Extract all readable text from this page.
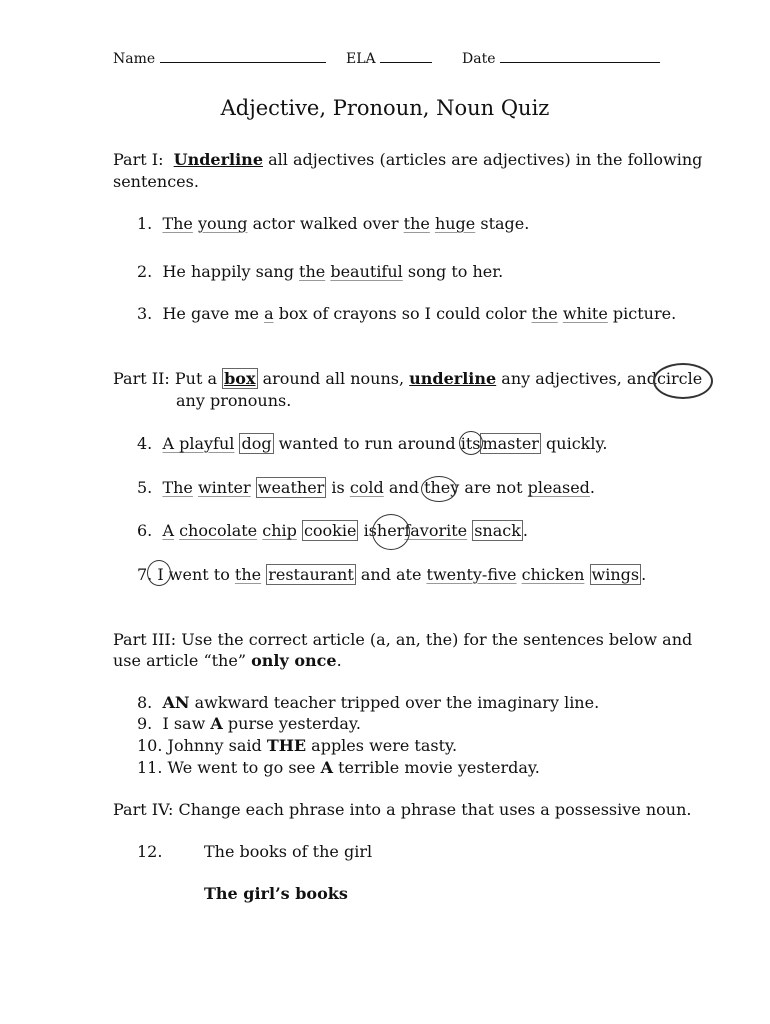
Name	ELA	Date
Adjective, Pronoun, Noun Quiz
Part I: Underline all adjectives (articles are adjectives) in the following
sentences.
1. The young actor walked over the huge stage.
2. He happily sang the beautiful song to her.
3. He gave me a box of crayons so I could color the white picture.
Part II: Put a box around all nouns, underline any adjectives, andcircle
any pronouns.
4. A playful dog wanted to run around its master quickly.
5. The winter weather is cold and they are not pleased.
6. A chocolate chip cookie isher
favorite snack .
7. I went to the restaurant and ate twenty-five chicken wings .
Part III: Use the correct article (a, an, the) for the sentences below and
use article “the” only once.
8. AN awkward teacher tripped over the imaginary line.
9. I saw A purse yesterday.
10. Johnny said THE apples were tasty.
11. We went to go see A terrible movie yesterday.
Part IV: Change each phrase into a phrase that uses a possessive noun.
12.	The books of the girl
The girl’s books
